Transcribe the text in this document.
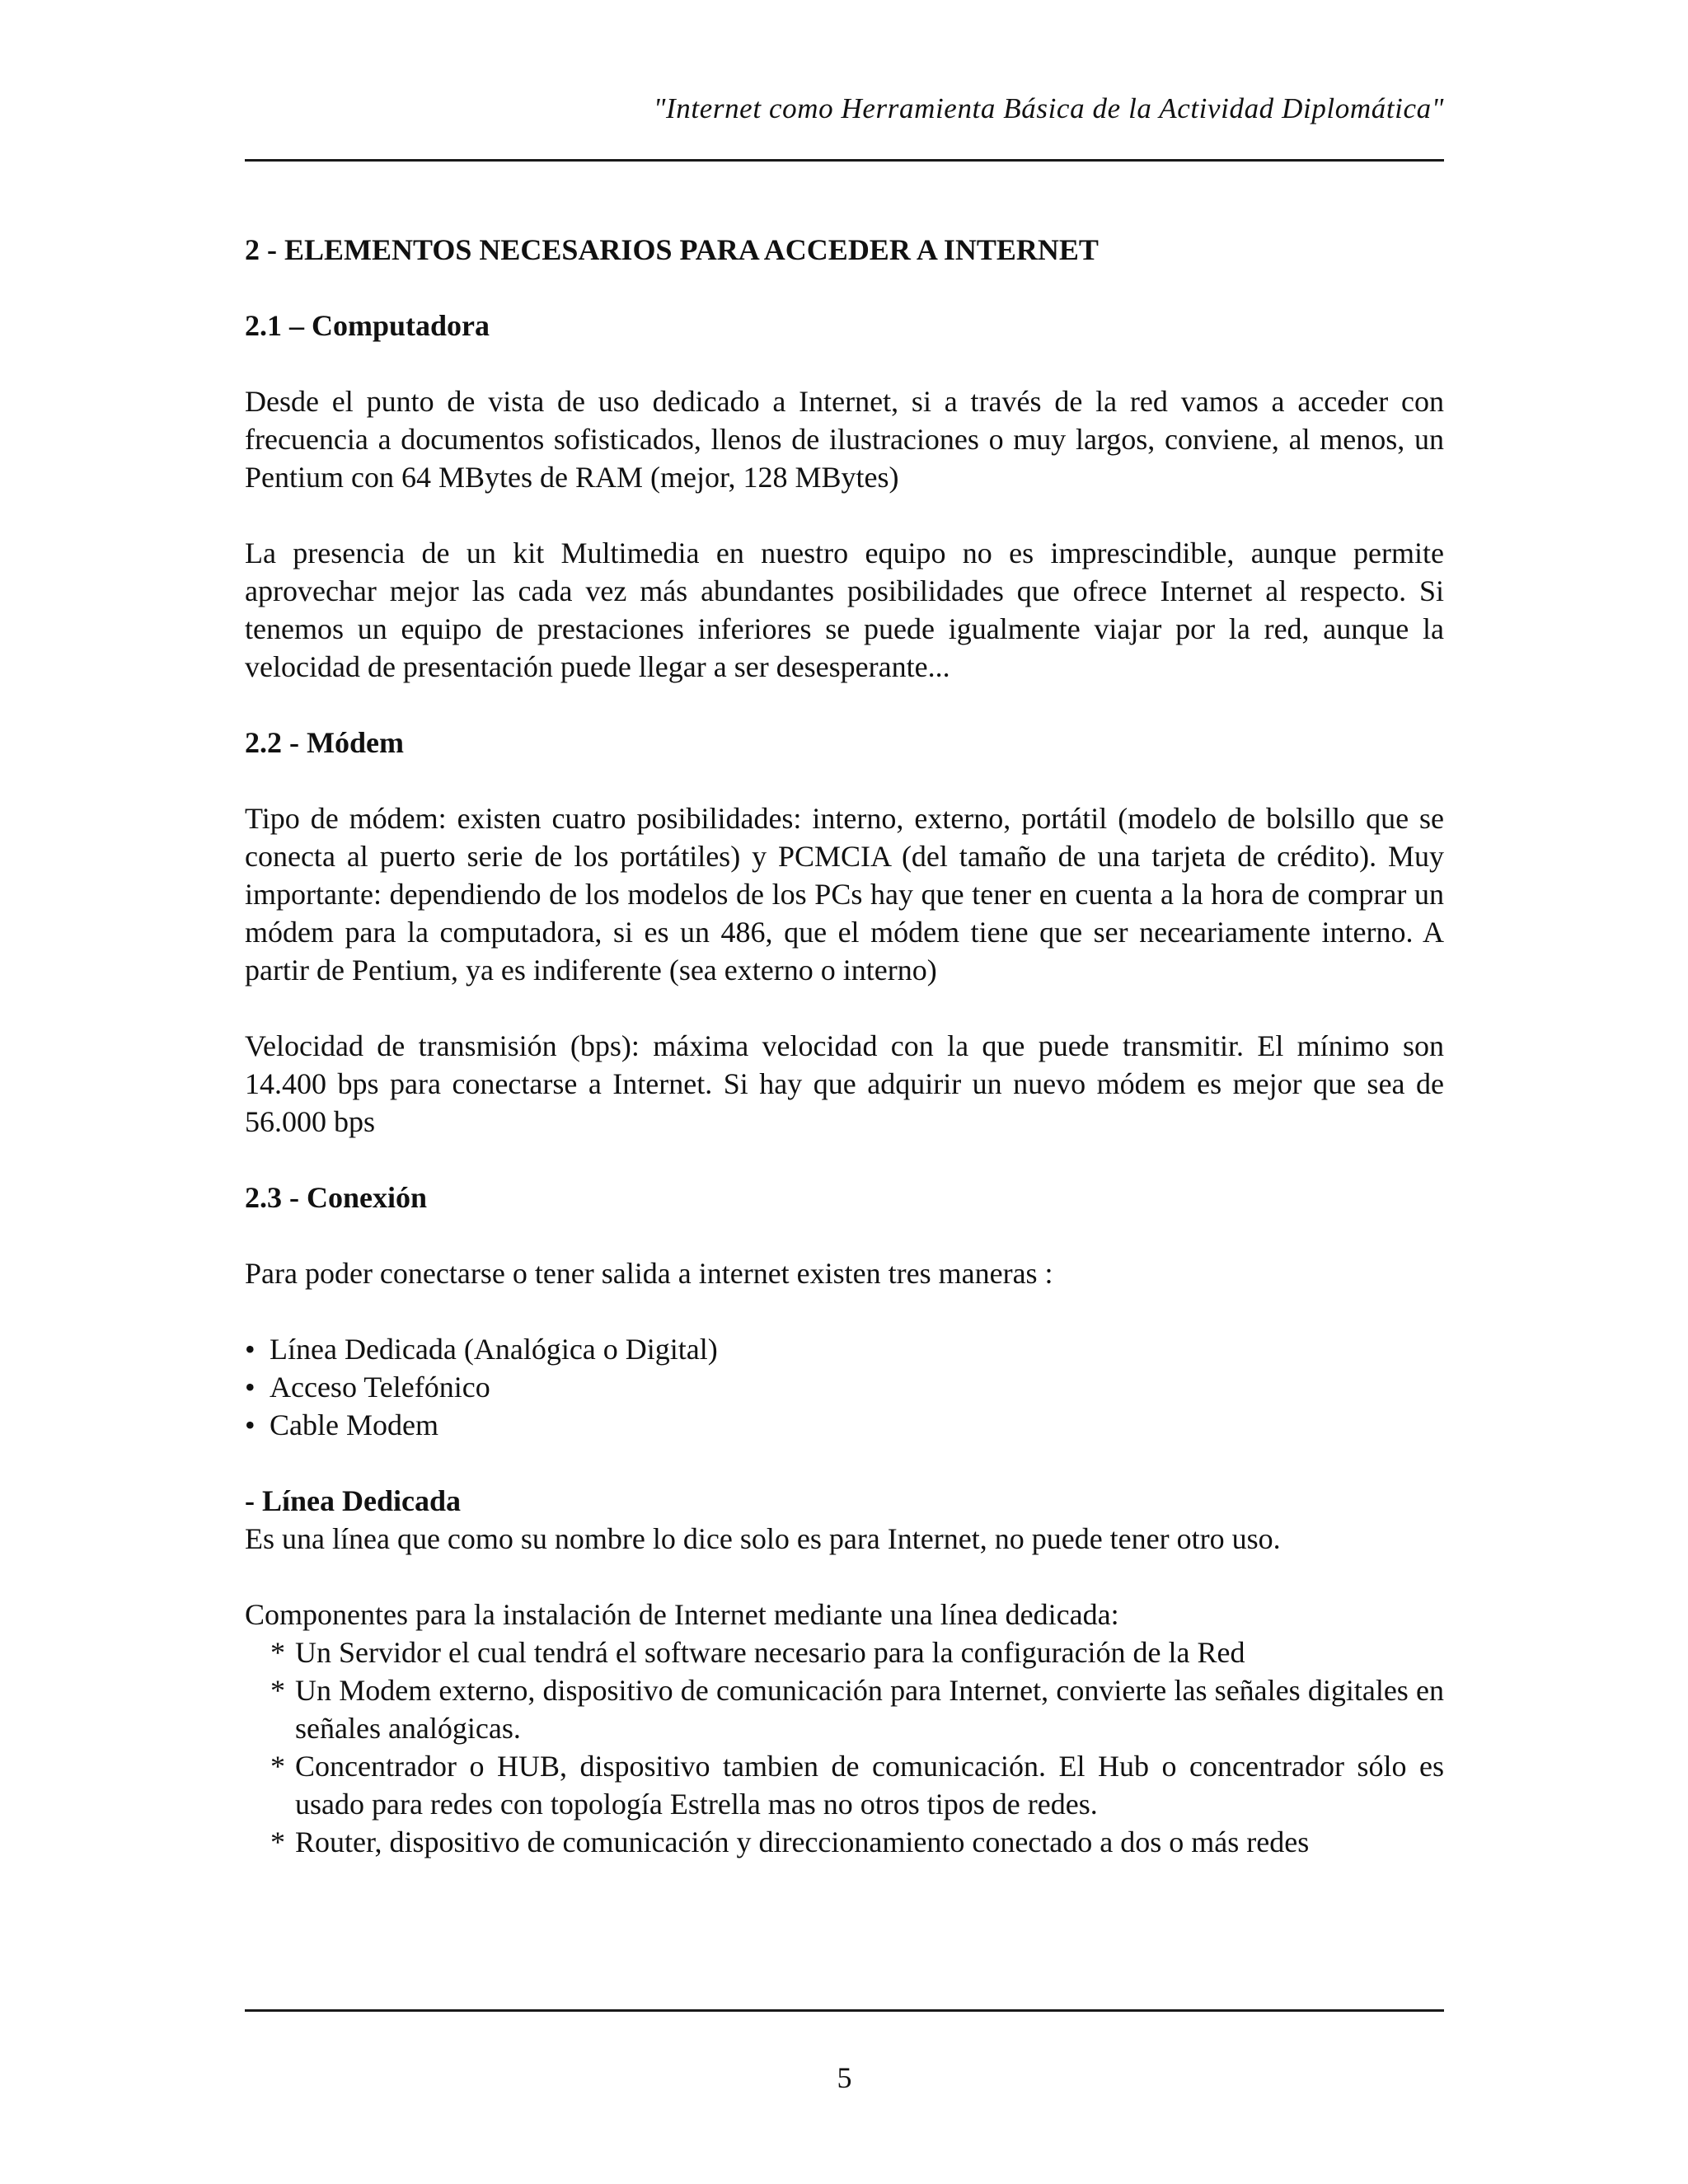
"Internet como Herramienta Básica de la Actividad Diplomática"
2 - ELEMENTOS NECESARIOS PARA ACCEDER A INTERNET
2.1 – Computadora

Desde el punto de vista de uso dedicado a Internet, si a través de la red vamos a acceder con frecuencia a documentos sofisticados, llenos de ilustraciones o muy largos, conviene, al menos, un Pentium con 64 MBytes de RAM (mejor, 128 MBytes)

La presencia de un kit Multimedia en nuestro equipo no es imprescindible, aunque permite aprovechar mejor las cada vez más abundantes posibilidades que ofrece Internet al respecto. Si tenemos un equipo de prestaciones inferiores se puede igualmente viajar por la red, aunque la velocidad de presentación puede llegar a ser desesperante...

2.2 - Módem

Tipo de módem: existen cuatro posibilidades: interno, externo, portátil (modelo de bolsillo que se conecta al puerto serie de los portátiles) y PCMCIA (del tamaño de una tarjeta de crédito). Muy importante: dependiendo de los modelos de los PCs hay que tener en cuenta a la hora de comprar un módem para la computadora, si es un 486, que el módem tiene que ser neceariamente interno. A partir de Pentium, ya es indiferente (sea externo o interno)

Velocidad de transmisión (bps): máxima velocidad con la que puede transmitir. El mínimo son 14.400 bps para conectarse a Internet. Si hay que adquirir un nuevo módem es mejor que sea de 56.000 bps

2.3 - Conexión

Para poder conectarse o tener salida a internet existen tres maneras :

• Línea Dedicada (Analógica o Digital)
• Acceso Telefónico
• Cable Modem
- Línea Dedicada
Es una línea que como su nombre lo dice solo es para Internet, no puede tener otro uso.
Componentes para la instalación de Internet mediante una línea dedicada:
* Un Servidor el cual tendrá el software necesario para la configuración de la Red
* Un Modem externo, dispositivo de comunicación para Internet, convierte las señales digitales en señales analógicas.
* Concentrador o HUB, dispositivo tambien de comunicación. El Hub o concentrador sólo es usado para redes con topología Estrella mas no otros tipos de redes.
* Router, dispositivo de comunicación y direccionamiento conectado a dos o más redes
5
